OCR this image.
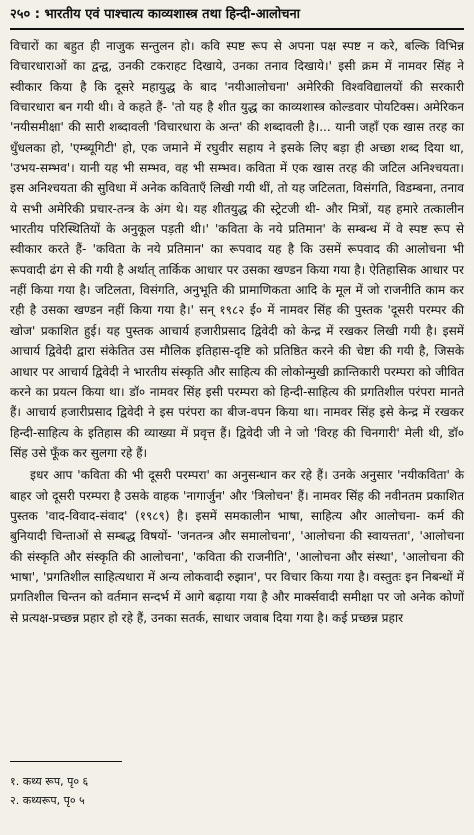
२५० : भारतीय एवं पाश्चात्य काव्यशास्त्र तथा हिन्दी-आलोचना

विचारों का बहुत ही नाजुक सन्तुलन हो। कवि स्पष्ट रूप से अपना पक्ष स्पष्ट न करे, बल्कि विभिन्न विचारधाराओं का द्वन्द्व, उनकी टकराहट दिखाये, उनका तनाव दिखाये।' इसी क्रम में नामवर सिंह ने स्वीकार किया है कि दूसरे महायुद्ध के बाद 'नयीआलोचना' अमेरिकी विश्वविद्यालयों की सरकारी विचारधारा बन गयी थी। वे कहते हैं- 'तो यह है शीत युद्ध का काव्यशास्त्र कोल्डवार पोयटिक्स। अमेरिकन 'नयीसमीक्षा' की सारी शब्दावली 'विचारधारा के अन्त' की शब्दावली है।... यानी जहाँ एक खास तरह का धुँधलका हो, 'एम्ब्यूगिटी' हो, एक जमाने में रघुवीर सहाय ने इसके लिए बड़ा ही अच्छा शब्द दिया था, 'उभय-सम्भव'। यानी यह भी सम्भव, वह भी सम्भव। कविता में एक खास तरह की जटिल अनिश्चयता। इस अनिश्चयता की सुविधा में अनेक कविताएँ लिखी गयी थीं, तो यह जटिलता, विसंगति, विडम्बना, तनाव ये सभी अमेरिकी प्रचार-तन्त्र के अंग थे। यह शीतयुद्ध की स्ट्रेटजी थी- और मित्रों, यह हमारे तत्कालीन भारतीय परिस्थितियों के अनुकूल पड़ती थी।' 'कविता के नये प्रतिमान' के सम्बन्ध में वे स्पष्ट रूप से स्वीकार करते हैं- 'कविता के नये प्रतिमान' का रूपवाद यह है कि उसमें रूपवाद की आलोचना भी रूपवादी ढंग से की गयी है अर्थात् तार्किक आधार पर उसका खण्डन किया गया है। ऐतिहासिक आधार पर नहीं किया गया है। जटिलता, विसंगति, अनुभूति की प्रामाणिकता आदि के मूल में जो राजनीति काम कर रही है उसका खण्डन नहीं किया गया है।' सन् १९८२ ई० में नामवर सिंह की पुस्तक 'दूसरी परम्पर की खोज' प्रकाशित हुई। यह पुस्तक आचार्य हजारीप्रसाद द्विवेदी को केन्द्र में रखकर लिखी गयी है। इसमें आचार्य द्विवेदी द्वारा संकेतित उस मौलिक इतिहास-दृष्टि को प्रतिष्ठित करने की चेष्टा की गयी है, जिसके आधार पर आचार्य द्विवेदी ने भारतीय संस्कृति और साहित्य की लोकोन्मुखी क्रान्तिकारी परम्परा को जीवित करने का प्रयत्न किया था। डॉ० नामवर सिंह इसी परम्परा को हिन्दी-साहित्य की प्रगतिशील परंपरा मानते हैं। आचार्य हजारीप्रसाद द्विवेदी ने इस परंपरा का बीज-वपन किया था। नामवर सिंह इसे केन्द्र में रखकर हिन्दी-साहित्य के इतिहास की व्याख्या में प्रवृत्त हैं। द्विवेदी जी ने जो 'विरह की चिनगारी' मेली थी, डॉ० सिंह उसे फूँक कर सुलगा रहे हैं।

इधर आप 'कविता की भी दूसरी परम्परा' का अनुसन्धान कर रहे हैं। उनके अनुसार 'नयीकविता' के बाहर जो दूसरी परम्परा है उसके वाहक 'नागार्जुन' और 'त्रिलोचन' हैं। नामवर सिंह की नवीनतम प्रकाशित पुस्तक 'वाद-विवाद-संवाद' (१९८९) है। इसमें समकालीन भाषा, साहित्य और आलोचना- कर्म की बुनियादी चिन्ताओं से सम्बद्ध विषयों- 'जनतन्त्र और समालोचना', 'आलोचना की स्वायत्तता', 'आलोचना की संस्कृति और संस्कृति की आलोचना', 'कविता की राजनीति', 'आलोचना और संस्था', 'आलोचना की भाषा', 'प्रगतिशील साहित्यधारा में अन्य लोकवादी रुझान', पर विचार किया गया है। वस्तुतः इन निबन्धों में प्रगतिशील चिन्तन को वर्तमान सन्दर्भ में आगे बढ़ाया गया है और मार्क्सवादी समीक्षा पर जो अनेक कोणों से प्रत्यक्ष-प्रच्छन्न प्रहार हो रहे हैं, उनका सतर्क, साधार जवाब दिया गया है। कई प्रच्छन्न प्रहार

१. कथ्य रूप, पृ० ६
२. कथ्यरूप, पृ० ५
